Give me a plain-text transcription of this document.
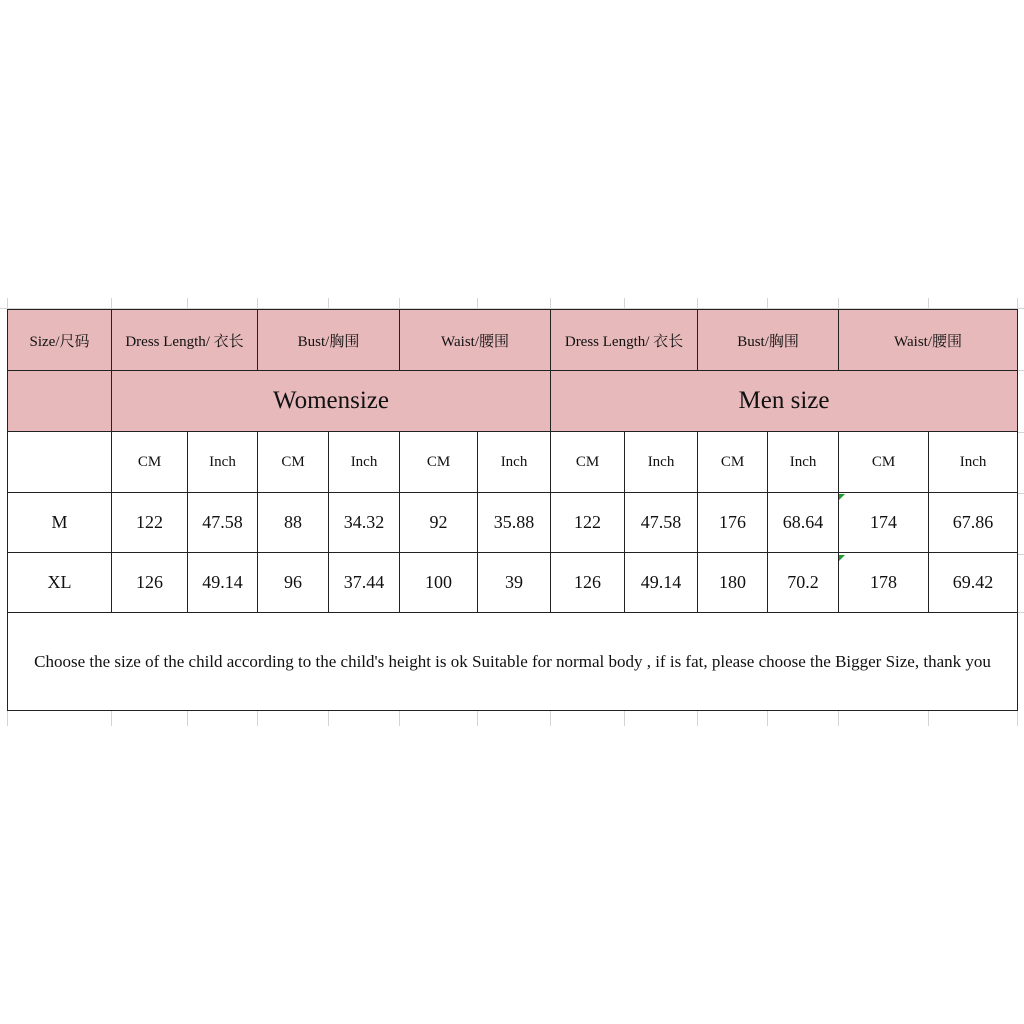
Size/尺码	Dress Length/ 衣长		Bust/胸围		Waist/腰围		Dress Length/ 衣长		Bust/胸围		Waist/腰围	
	Womensize						Men size					
	CM	Inch	CM	Inch	CM	Inch	CM	Inch	CM	Inch	CM	Inch
M	122	47.58	88	34.32	92	35.88	122	47.58	176	68.64	174	67.86
XL	126	49.14	96	37.44	100	39	126	49.14	180	70.2	178	69.42

Choose the size of the child according to the child's height is ok Suitable for normal body , if is fat, please choose the Bigger Size, thank you												
